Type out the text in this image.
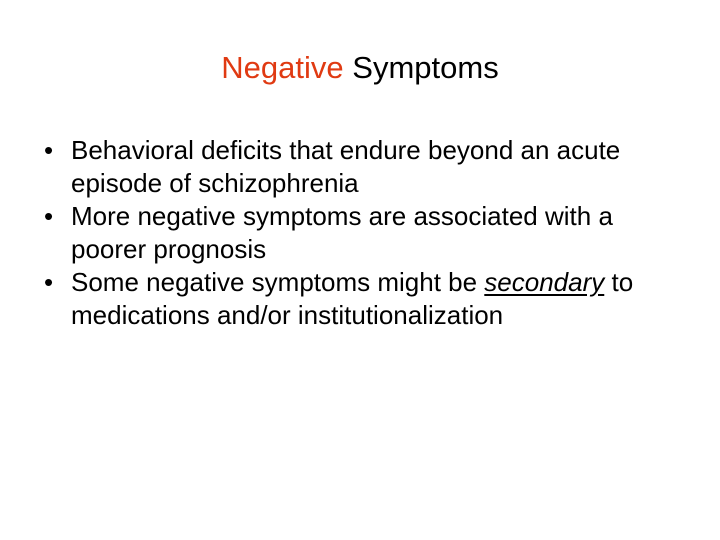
Negative Symptoms
• Behavioral deficits that endure beyond an acute episode of schizophrenia
• More negative symptoms are associated with a poorer prognosis
• Some negative symptoms might be secondary to medications and/or institutionalization
